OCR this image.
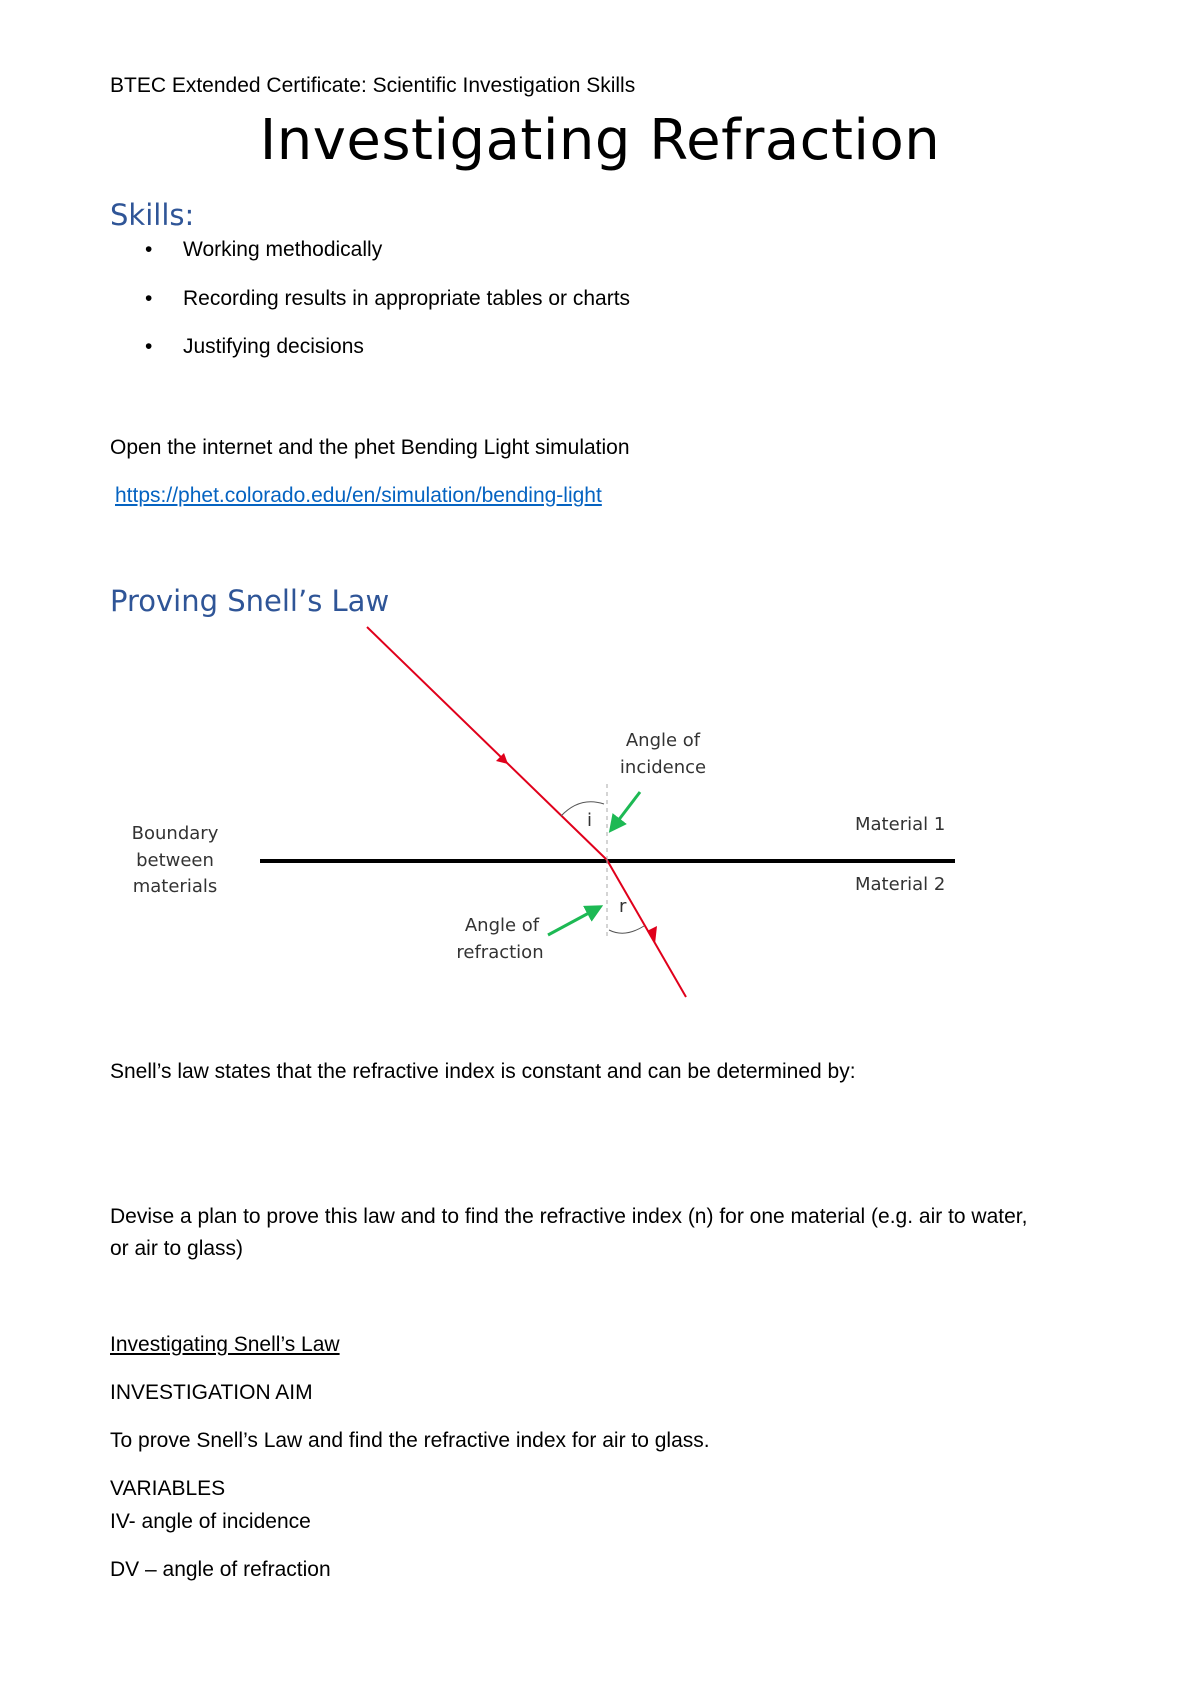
BTEC Extended Certificate: Scientific Investigation Skills
Investigating Refraction
Skills:
• Working methodically
• Recording results in appropriate tables or charts
• Justifying decisions
Open the internet and the phet Bending Light simulation
https://phet.colorado.edu/en/simulation/bending-light
Proving Snell’s Law
i
r
Angle of
incidence
Boundary
between
materials
Material 1
Material 2
Angle of
refraction
Snell’s law states that the refractive index is constant and can be determined by:
Devise a plan to prove this law and to find the refractive index (n) for one material (e.g. air to water,
or air to glass)
Investigating Snell’s Law
INVESTIGATION AIM
To prove Snell’s Law and find the refractive index for air to glass.
VARIABLES
IV- angle of incidence
DV – angle of refraction
